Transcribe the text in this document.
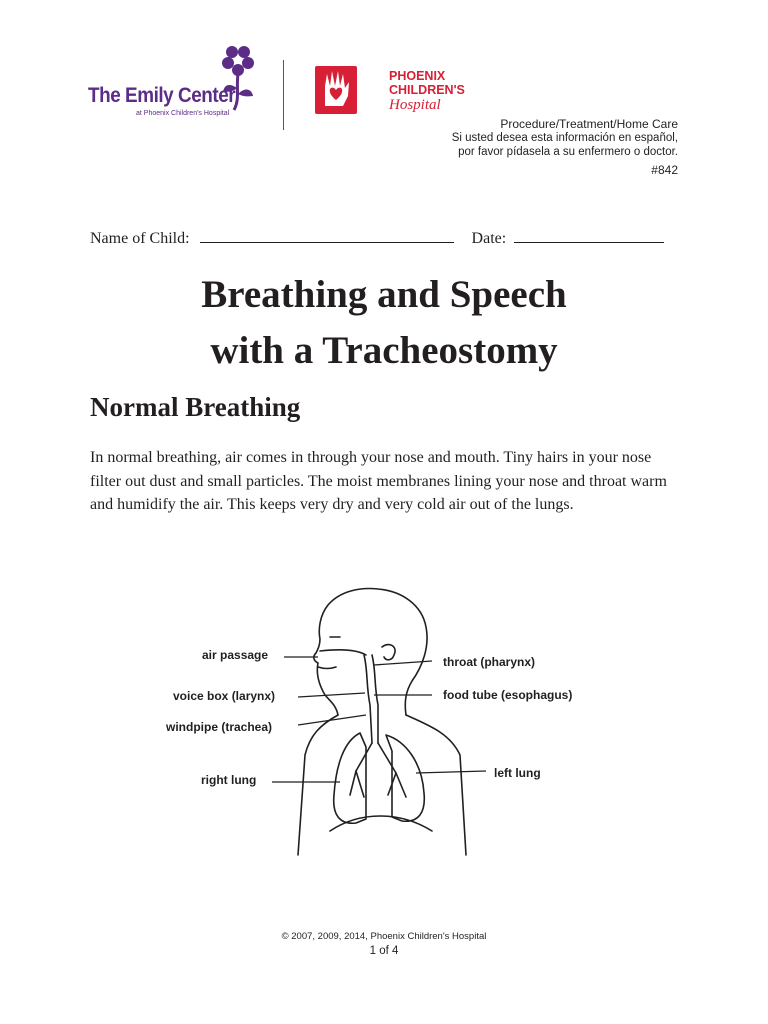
The Emily Center
at Phoenix Children's Hospital
PHOENIX
CHILDREN'S
Hospital
Procedure/Treatment/Home Care
Si usted desea esta información en español,
por favor pídasela a su enfermero o doctor.
#842
Name of Child:	Date:
Breathing and Speech
with a Tracheostomy
Normal Breathing
In normal breathing, air comes in through your nose and mouth. Tiny hairs in your nose filter out dust and small particles. The moist membranes lining your nose and throat warm and humidify the air. This keeps very dry and very cold air out of the lungs.
air passage
voice box (larynx)
windpipe (trachea)
right lung
throat (pharynx)
food tube (esophagus)
left lung
© 2007, 2009, 2014, Phoenix Children's Hospital
1 of 4
